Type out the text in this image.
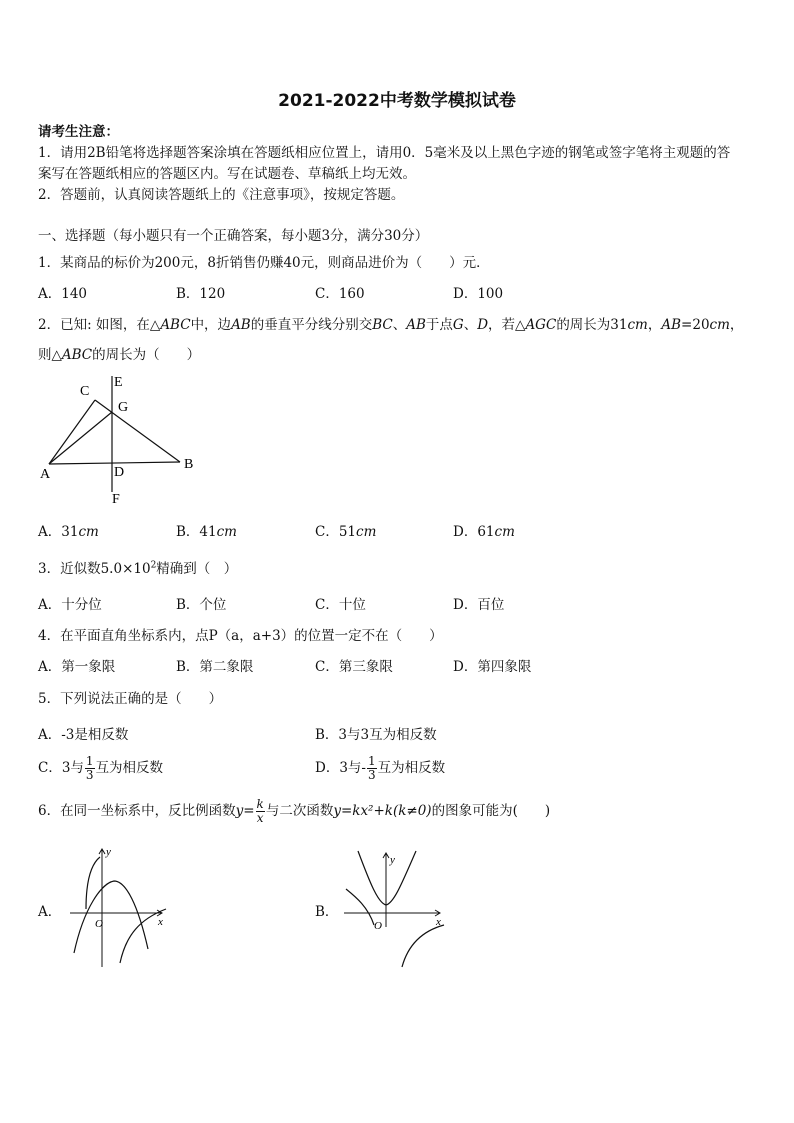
2021-2022中考数学模拟试卷
请考生注意：
1．请用2B铅笔将选择题答案涂填在答题纸相应位置上，请用0．5毫米及以上黑色字迹的钢笔或签字笔将主观题的答
案写在答题纸相应的答题区内。写在试题卷、草稿纸上均无效。
2．答题前，认真阅读答题纸上的《注意事项》，按规定答题。
一、选择题（每小题只有一个正确答案，每小题3分，满分30分）
1．某商品的标价为200元，8折销售仍赚40元，则商品进价为（　　）元．
A．140	B．120	C．160	D．100
2．已知: 如图，在△ABC中，边AB的垂直平分线分别交BC、AB于点G、D，若△AGC的周长为31cm，AB=20cm，
则△ABC的周长为（　　）
C
E
G
A	D
B
F
A．31cm	B．41cm	C．51cm	D．61cm
3．近似数$5.0\times 10^2$精确到（　）
A．十分位	B．个位	C．十位	D．百位
4．在平面直角坐标系内，点P（a，a+3）的位置一定不在（　　）
A．第一象限	B．第二象限	C．第三象限	D．第四象限
5．下列说法正确的是（　　）
A．-3是相反数	B．3与3互为相反数
C．3与 $\frac{1}{3}$ 互为相反数	D．3与- $\frac{1}{3}$ 互为相反数
6．在同一坐标系中，反比例函数$y= \frac{k}{x}$ 与二次函数y=kx²+k(k≠0)的图象可能为(　　)
A．
y
x
O
B．
y
x
O
